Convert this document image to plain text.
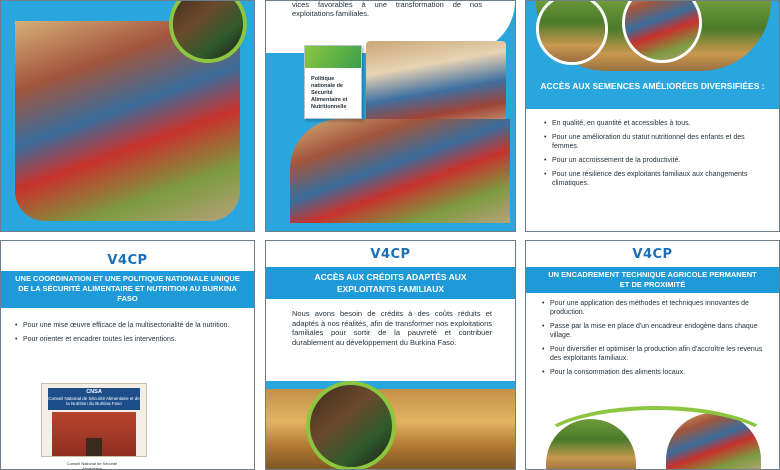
vices favorables à une transformation de nos exploitations familiales.

Politique nationale de Sécurité Alimentaire et Nutritionnelle
ACCÈS AUX SEMENCES AMÉLIORÉES DIVERSIFIÉES :
• En qualité, en quantité et accessibles à tous.
• Pour une amélioration du statut nutritionnel des enfants et des femmes.
• Pour un accroissement de la productivité.
• Pour une résilience des exploitants familiaux aux changements climatiques.
V4CP
UNE COORDINATION ET UNE POLITIQUE NATIONALE UNIQUE DE LA SÉCURITÉ ALIMENTAIRE ET NUTRITION AU BURKINA FASO
• Pour une mise œuvre efficace de la multisectorialité de la nutrition.
• Pour orienter et encadrer toutes les interventions.
CNSA
Conseil National de Sécurité Alimentaire et de la Nutrition du Burkina Faso
Conseil National de Sécurité Alimentaire
V4CP
ACCÈS AUX CRÉDITS ADAPTÉS AUX EXPLOITANTS FAMILIAUX

Nous avons besoin de crédits à des coûts réduits et adaptés à nos réalités, afin de transformer nos exploitations familiales pour sortir de la pauvreté et contribuer durablement au développement du Burkina Faso.

V4CP
UN ENCADREMENT TECHNIQUE AGRICOLE PERMANENT ET DE PROXIMITÉ
• Pour une application des méthodes et techniques innovantes de production.
• Passe par la mise en place d'un encadreur endogène dans chaque village.
• Pour diversifier et optimiser la production afin d'accroître les revenus des exploitants familiaux.
• Pour la consommation des aliments locaux.
